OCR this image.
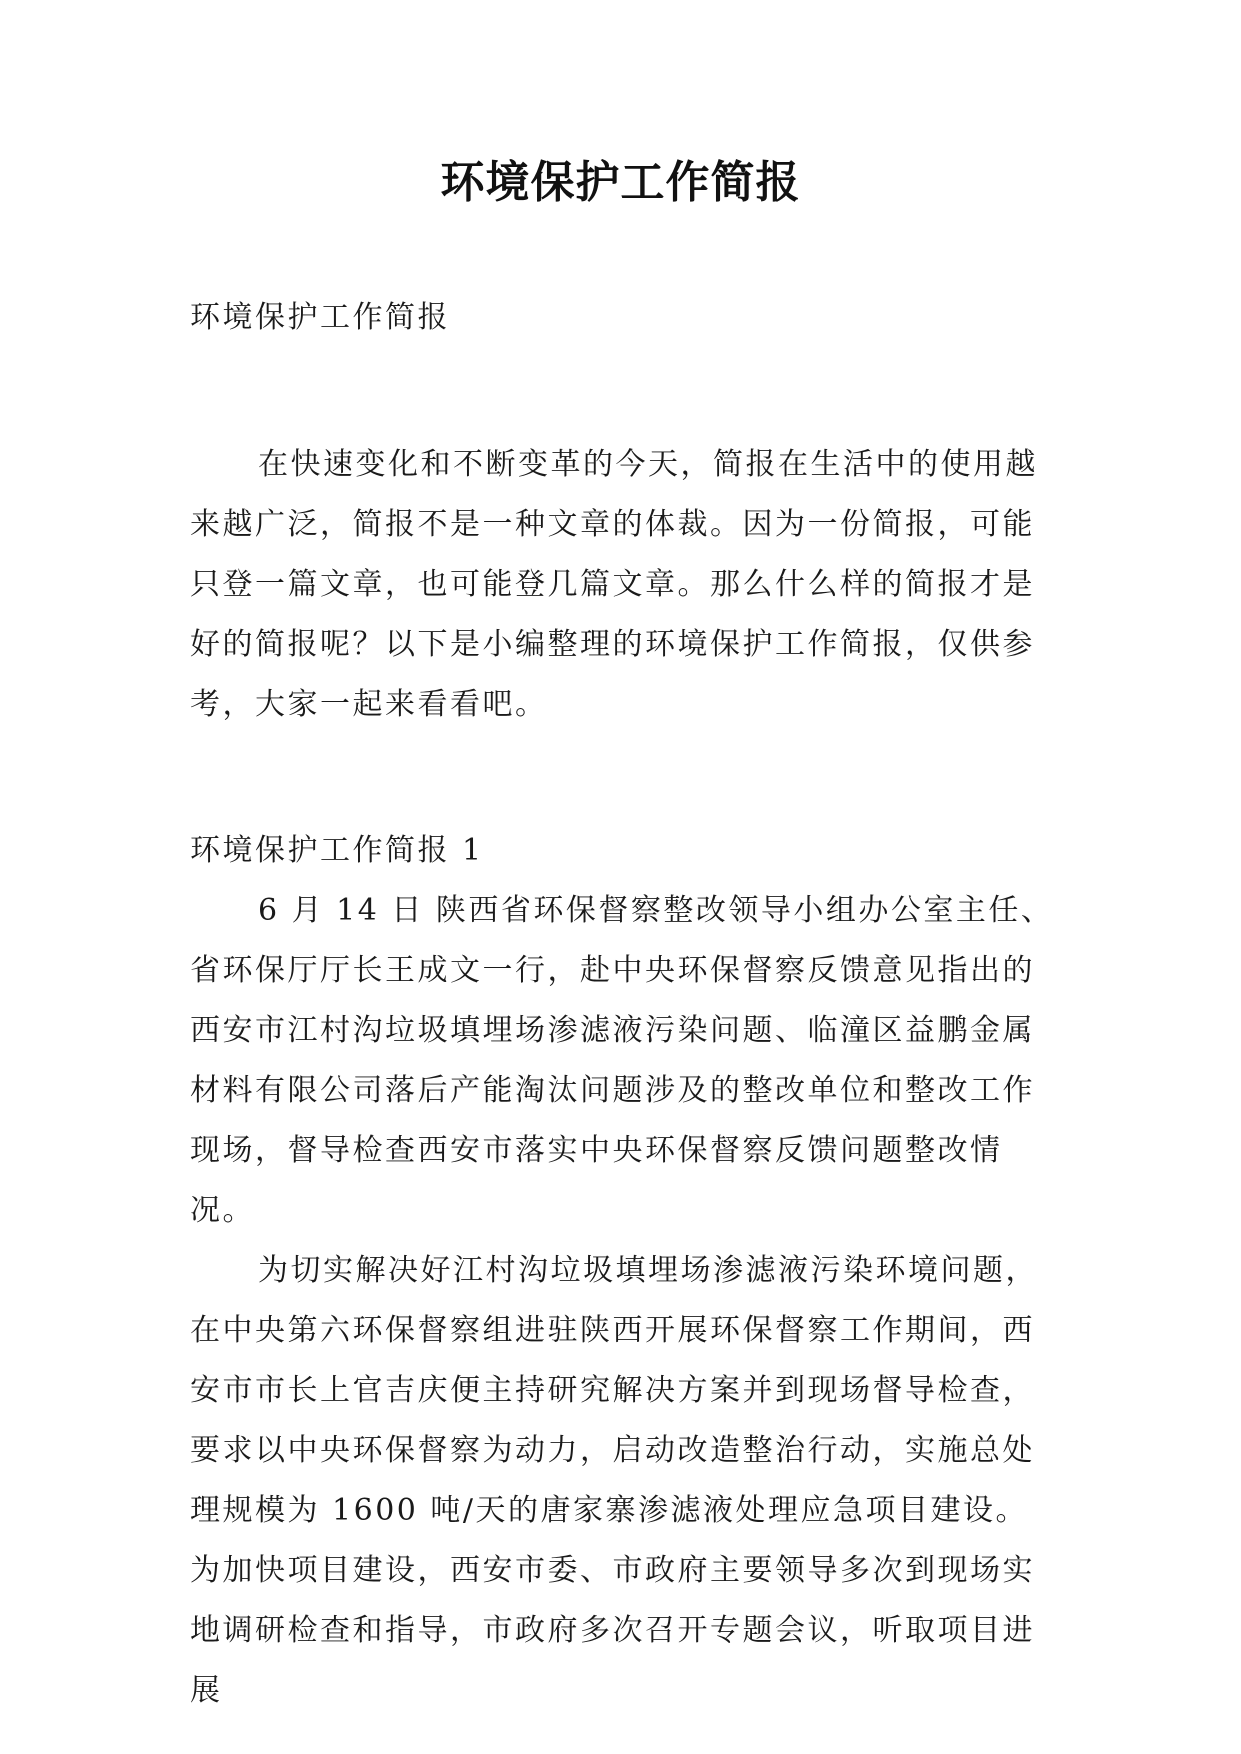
环境保护工作简报

环境保护工作简报

在快速变化和不断变革的今天，简报在生活中的使用越来越广泛，简报不是一种文章的体裁。因为一份简报，可能只登一篇文章，也可能登几篇文章。那么什么样的简报才是好的简报呢？以下是小编整理的环境保护工作简报，仅供参考，大家一起来看看吧。

环境保护工作简报 1

6 月 14 日 陕西省环保督察整改领导小组办公室主任、省环保厅厅长王成文一行，赴中央环保督察反馈意见指出的西安市江村沟垃圾填埋场渗滤液污染问题、临潼区益鹏金属材料有限公司落后产能淘汰问题涉及的整改单位和整改工作现场，督导检查西安市落实中央环保督察反馈问题整改情况。

为切实解决好江村沟垃圾填埋场渗滤液污染环境问题，在中央第六环保督察组进驻陕西开展环保督察工作期间，西安市市长上官吉庆便主持研究解决方案并到现场督导检查，要求以中央环保督察为动力，启动改造整治行动，实施总处理规模为 1600 吨/天的唐家寨渗滤液处理应急项目建设。为加快项目建设，西安市委、市政府主要领导多次到现场实地调研检查和指导，市政府多次召开专题会议，听取项目进展
